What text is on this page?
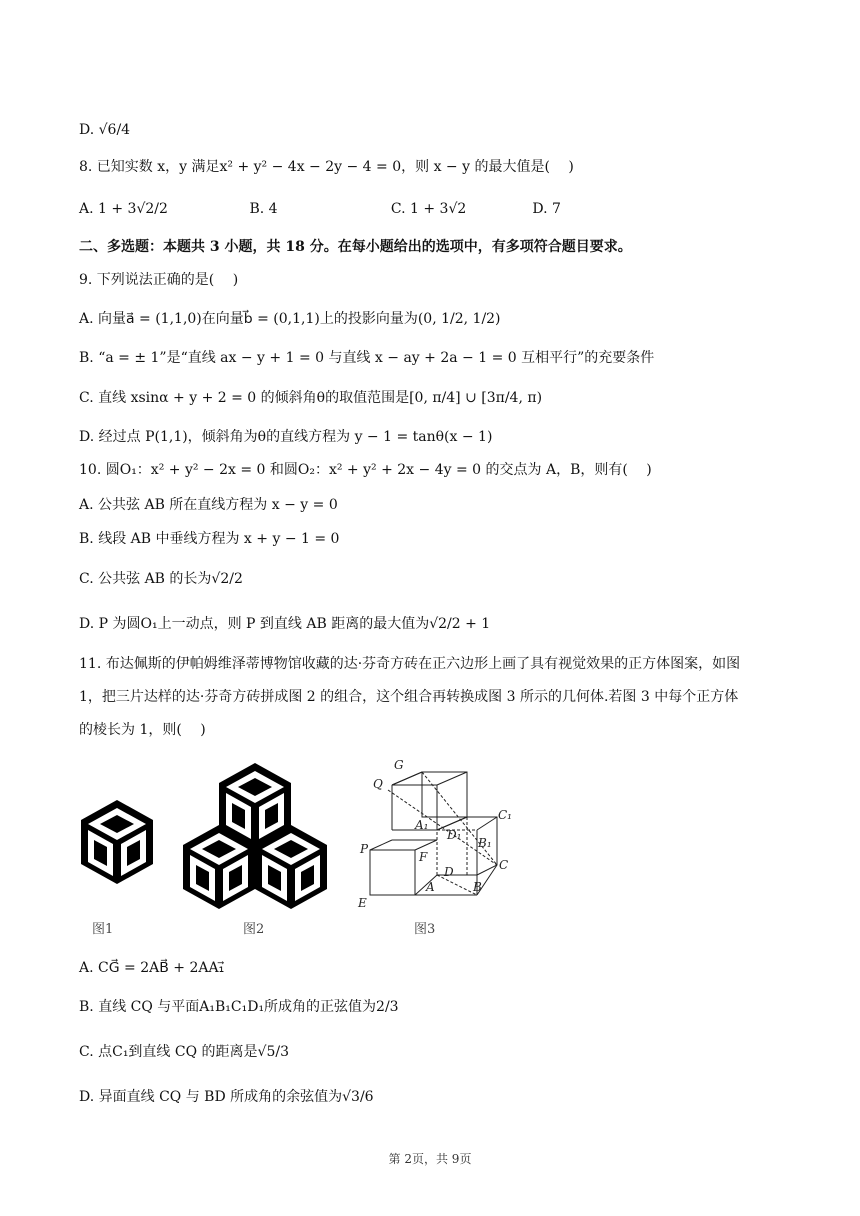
D. √6/4
8. 已知实数 x，y 满足x² + y² − 4x − 2y − 4 = 0，则 x − y 的最大值是(　 )
A. 1 + 3√2/2	B. 4	C. 1 + 3√2	D. 7
二、多选题：本题共 3 小题，共 18 分。在每小题给出的选项中，有多项符合题目要求。
9. 下列说法正确的是(　 )
A. 向量a⃗ = (1,1,0)在向量b⃗ = (0,1,1)上的投影向量为(0, 1/2, 1/2)
B. “a = ± 1”是“直线 ax − y + 1 = 0 与直线 x − ay + 2a − 1 = 0 互相平行”的充要条件
C. 直线 xsinα + y + 2 = 0 的倾斜角θ的取值范围是[0, π/4] ∪ [3π/4, π)
D. 经过点 P(1,1)，倾斜角为θ的直线方程为 y − 1 = tanθ(x − 1)
10. 圆O₁：x² + y² − 2x = 0 和圆O₂：x² + y² + 2x − 4y = 0 的交点为 A，B，则有(　 )
A. 公共弦 AB 所在直线方程为 x − y = 0
B. 线段 AB 中垂线方程为 x + y − 1 = 0
C. 公共弦 AB 的长为√2/2
D. P 为圆O₁上一动点，则 P 到直线 AB 距离的最大值为√2/2 + 1
11. 布达佩斯的伊帕姆维泽蒂博物馆收藏的达·芬奇方砖在正六边形上画了具有视觉效果的正方体图案，如图
1，把三片达样的达·芬奇方砖拼成图 2 的组合，这个组合再转换成图 3 所示的几何体.若图 3 中每个正方体
的棱长为 1，则(　 )
G
Q
D₁
C₁
A₁
B₁
P
F
C
D
E
A	B
图1	图2	图3
A. CG⃗ = 2AB⃗ + 2AA₁⃗
B. 直线 CQ 与平面A₁B₁C₁D₁所成角的正弦值为2/3
C. 点C₁到直线 CQ 的距离是√5/3
D. 异面直线 CQ 与 BD 所成角的余弦值为√3/6
第 2页，共 9页
